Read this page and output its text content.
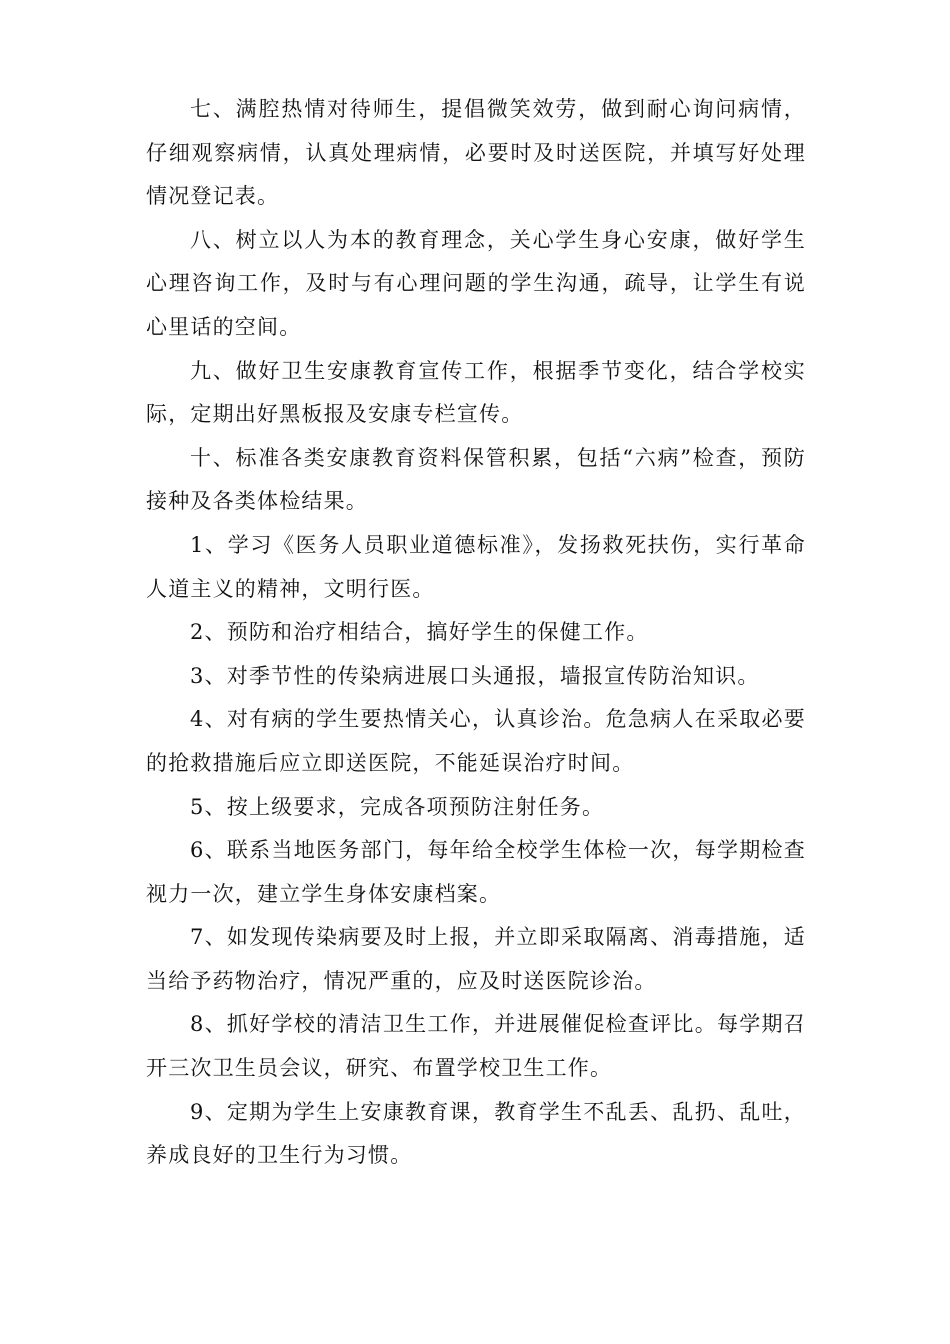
七、满腔热情对待师生，提倡微笑效劳，做到耐心询问病情，仔细观察病情，认真处理病情，必要时及时送医院，并填写好处理情况登记表。

八、树立以人为本的教育理念，关心学生身心安康，做好学生心理咨询工作，及时与有心理问题的学生沟通，疏导，让学生有说心里话的空间。

九、做好卫生安康教育宣传工作，根据季节变化，结合学校实际，定期出好黑板报及安康专栏宣传。

十、标准各类安康教育资料保管积累，包括“六病”检查，预防接种及各类体检结果。

1、学习《医务人员职业道德标准》，发扬救死扶伤，实行革命人道主义的精神，文明行医。

2、预防和治疗相结合，搞好学生的保健工作。

3、对季节性的传染病进展口头通报，墙报宣传防治知识。

4、对有病的学生要热情关心，认真诊治。危急病人在采取必要的抢救措施后应立即送医院，不能延误治疗时间。

5、按上级要求，完成各项预防注射任务。

6、联系当地医务部门，每年给全校学生体检一次，每学期检查视力一次，建立学生身体安康档案。

7、如发现传染病要及时上报，并立即采取隔离、消毒措施，适当给予药物治疗，情况严重的，应及时送医院诊治。

8、抓好学校的清洁卫生工作，并进展催促检查评比。每学期召开三次卫生员会议，研究、布置学校卫生工作。

9、定期为学生上安康教育课，教育学生不乱丢、乱扔、乱吐，养成良好的卫生行为习惯。
